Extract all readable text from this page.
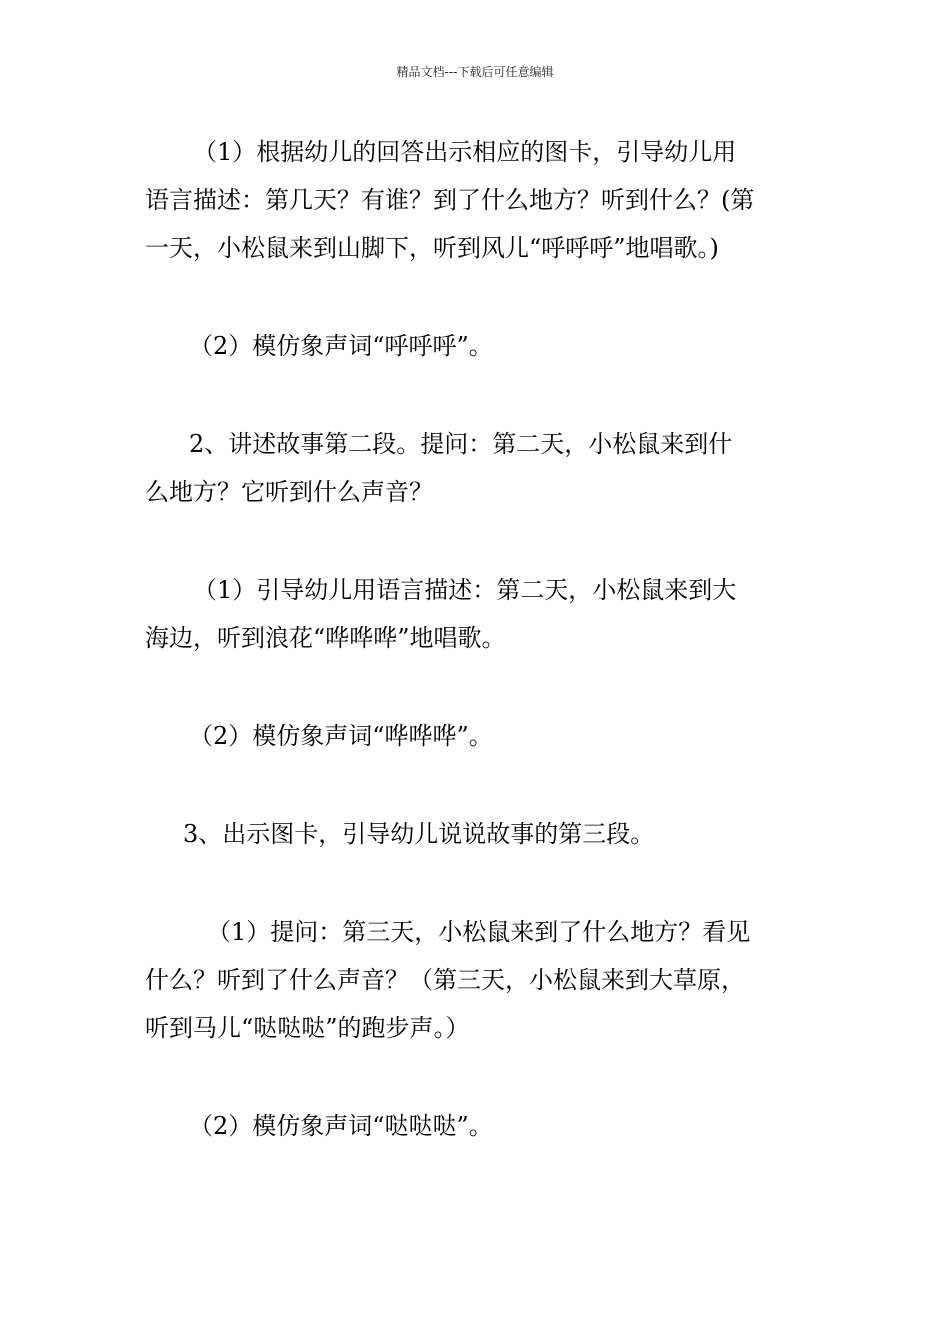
精品文档---下载后可任意编辑

（1）根据幼儿的回答出示相应的图卡，引导幼儿用

语言描述：第几天？有谁？到了什么地方？听到什么？(第

一天，小松鼠来到山脚下，听到风儿“呼呼呼”地唱歌。)

（2）模仿象声词“呼呼呼”。

2、讲述故事第二段。提问：第二天，小松鼠来到什

么地方？它听到什么声音？

（1）引导幼儿用语言描述：第二天，小松鼠来到大

海边，听到浪花“哗哗哗”地唱歌。

（2）模仿象声词“哗哗哗”。

3、出示图卡，引导幼儿说说故事的第三段。

（1）提问：第三天，小松鼠来到了什么地方？看见

什么？听到了什么声音？（第三天，小松鼠来到大草原，

听到马儿“哒哒哒”的跑步声。）

（2）模仿象声词“哒哒哒”。
